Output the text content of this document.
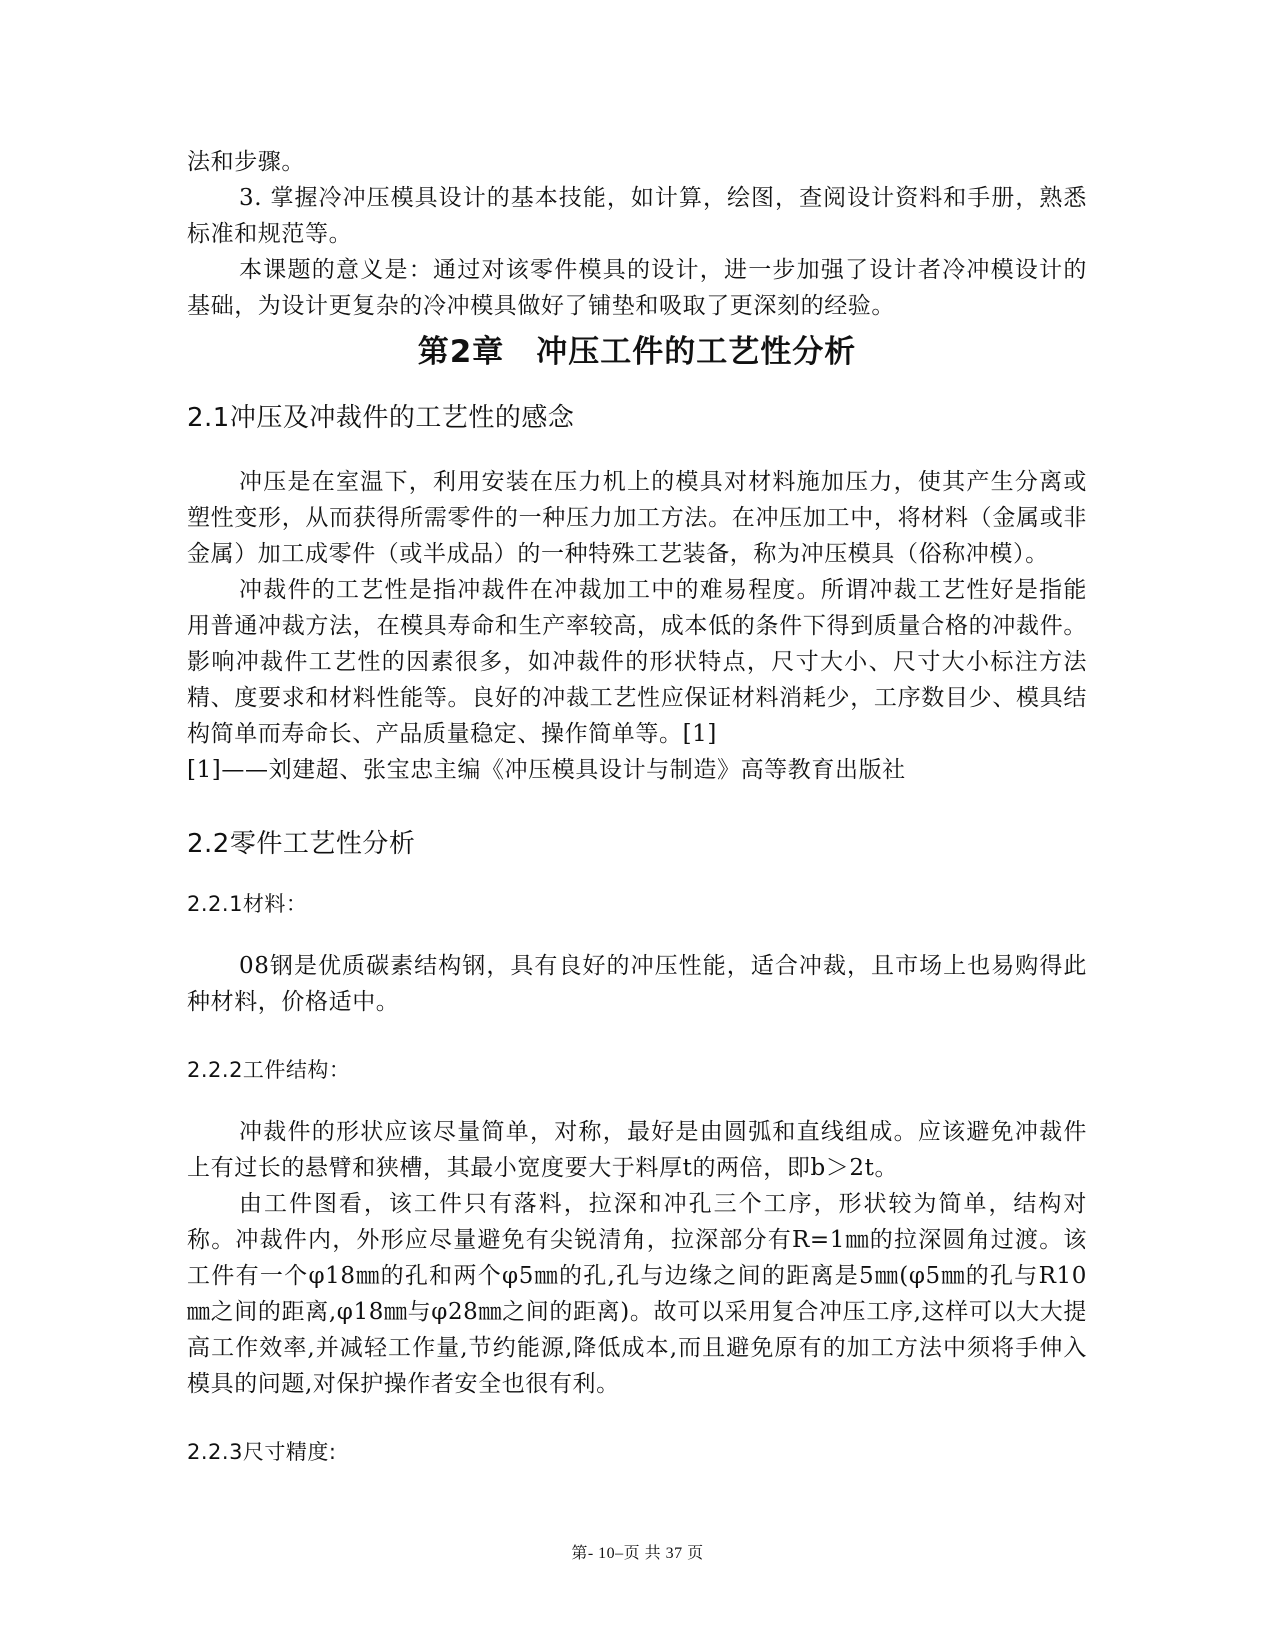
法和步骤。

3. 掌握冷冲压模具设计的基本技能，如计算，绘图，查阅设计资料和手册，熟悉标准和规范等。

本课题的意义是：通过对该零件模具的设计，进一步加强了设计者冷冲模设计的基础，为设计更复杂的冷冲模具做好了铺垫和吸取了更深刻的经验。

第2章　冲压工件的工艺性分析
2.1冲压及冲裁件的工艺性的感念

冲压是在室温下，利用安装在压力机上的模具对材料施加压力，使其产生分离或塑性变形，从而获得所需零件的一种压力加工方法。在冲压加工中，将材料（金属或非金属）加工成零件（或半成品）的一种特殊工艺装备，称为冲压模具（俗称冲模）。

冲裁件的工艺性是指冲裁件在冲裁加工中的难易程度。所谓冲裁工艺性好是指能用普通冲裁方法，在模具寿命和生产率较高，成本低的条件下得到质量合格的冲裁件。影响冲裁件工艺性的因素很多，如冲裁件的形状特点，尺寸大小、尺寸大小标注方法精、度要求和材料性能等。良好的冲裁工艺性应保证材料消耗少，工序数目少、模具结构简单而寿命长、产品质量稳定、操作简单等。[1]

[1]——刘建超、张宝忠主编《冲压模具设计与制造》高等教育出版社

2.2零件工艺性分析
2.2.1材料：

08钢是优质碳素结构钢，具有良好的冲压性能，适合冲裁，且市场上也易购得此种材料，价格适中。

2.2.2工件结构：

冲裁件的形状应该尽量简单，对称，最好是由圆弧和直线组成。应该避免冲裁件上有过长的悬臂和狭槽，其最小宽度要大于料厚t的两倍，即b＞2t。

由工件图看，该工件只有落料，拉深和冲孔三个工序，形状较为简单，结构对称。冲裁件内，外形应尽量避免有尖锐清角，拉深部分有R=1㎜的拉深圆角过渡。该工件有一个φ18㎜的孔和两个φ5㎜的孔,孔与边缘之间的距离是5㎜(φ5㎜的孔与R10㎜之间的距离,φ18㎜与φ28㎜之间的距离)。故可以采用复合冲压工序,这样可以大大提高工作效率,并减轻工作量,节约能源,降低成本,而且避免原有的加工方法中须将手伸入模具的问题,对保护操作者安全也很有利。

2.2.3尺寸精度:
第- 10–页 共 37 页
